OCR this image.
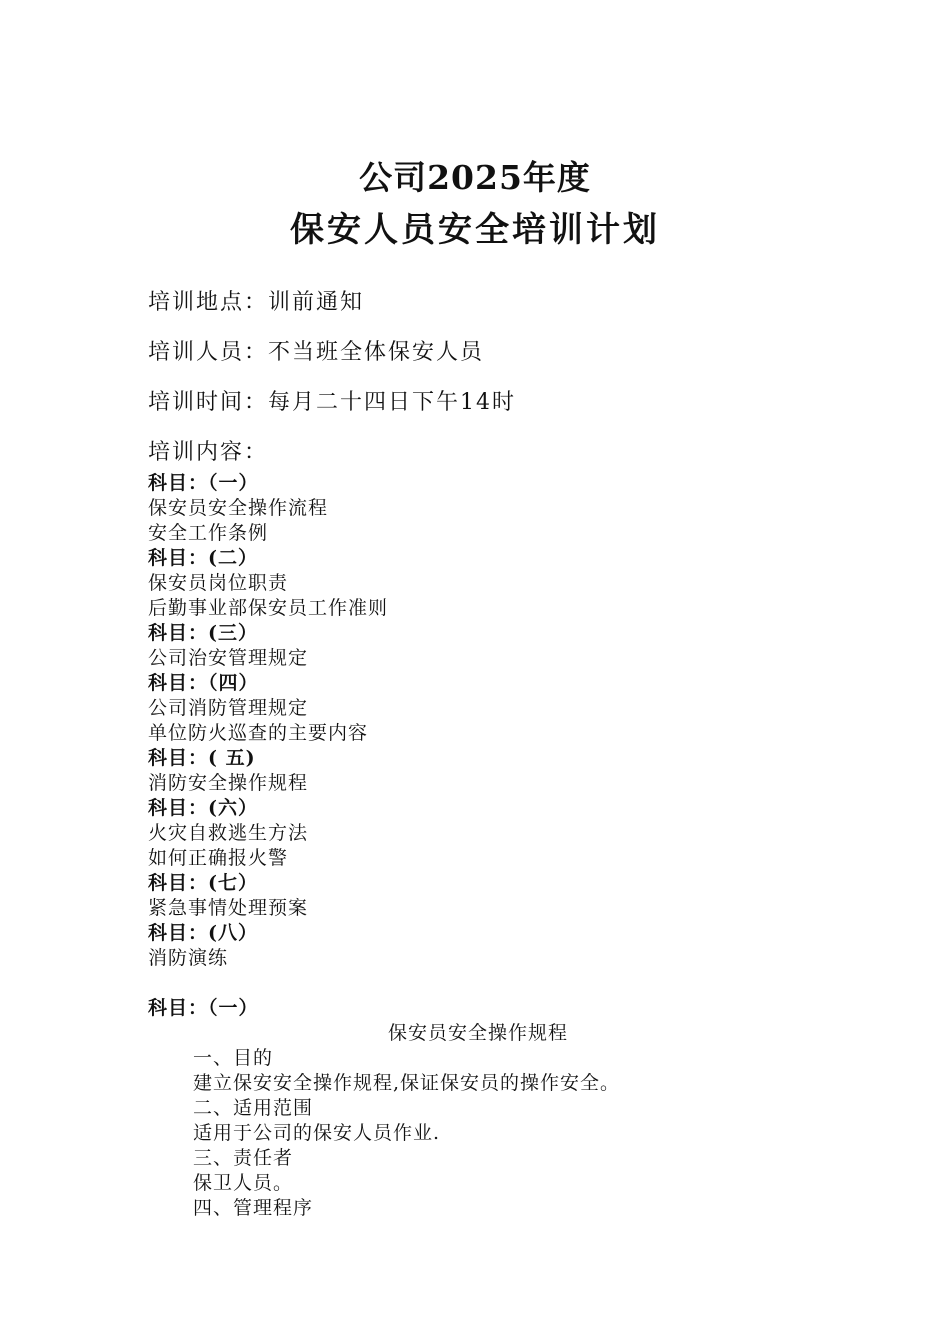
公司2025年度
保安人员安全培训计划
培训地点：训前通知
培训人员：不当班全体保安人员
培训时间：每月二十四日下午14时
培训内容：
科目：（一）
保安员安全操作流程
安全工作条例
科目：(二）
保安员岗位职责
后勤事业部保安员工作准则
科目：(三）
公司治安管理规定
科目：（四）
公司消防管理规定
单位防火巡查的主要内容
科目：( 五)
消防安全操作规程
科目：(六）
火灾自救逃生方法
如何正确报火警
科目：(七）
紧急事情处理预案
科目：(八）
消防演练
科目：（一）
保安员安全操作规程
一、目的
建立保安安全操作规程,保证保安员的操作安全。
二、适用范围
适用于公司的保安人员作业.
三、责任者
保卫人员。
四、管理程序
